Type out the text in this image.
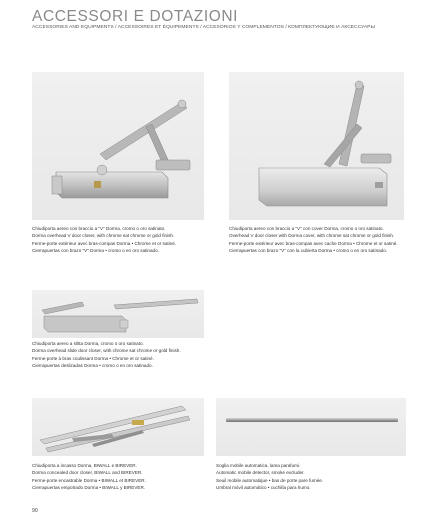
ACCESSORI E DOTAZIONI
ACCESSORIES AND EQUIPMENTS / ACCESSOIRES ET ÉQUIPEMENTS / ACCESORIOS Y COMPLEMENTOS / КОМПЛЕКТУЮЩИЕ И АКСЕССУАРЫ
Chiudiporta aereo con braccio a "V" Dorma, cromo o oro satinato.
Dorma overhead V door closer, with chrome sat chrome or gold finish.
Ferme-porte extérieur avec bras-compas Dorma • Chrome et or satiné.
Cierrapuertas con brazo "V" Dorma • cromo o en oro satinado.
Chiudiporta aereo con braccio a "V" con cover Dorma, cromo o oro satinato.
Overhead V door closer with Dorma cover, with chrome sat chrome or gold finish.
Ferme-porte extérieur avec bras-compas avec cache Dorma • Chrome et or satiné.
Cierrapuertas con brazo "V" con la cubierta Dorma • cromo o en oro satinado.
Chiudiporta aereo a slitta Dorma, cromo o oro satinato.
Dorma overhead slide door closer, with chrome sat chrome or gold finish.
Ferme-porte à bras coulissant Dorma • Chrome et or satiné.
Cierrapuertas deslizadas Dorma • cromo o en oro satinado.
Chiudiporta a incasso Dorma, BIWALL e BIREVER.
Dorma concealed door closer, BIWALL and BIREVER.
Ferme-porte encastrable Dorma • BIWALL et BIREVER.
Cierrapuertas empotrado Dorma • BIWALL y BIREVER.
Soglia mobile automatica, lama parafumi.
Automatic mobile detector, smoke excluder.
Seuil mobile automatique • bas de porte pare fumée.
Umbral móvil automático • cuchilla para humo.
90
